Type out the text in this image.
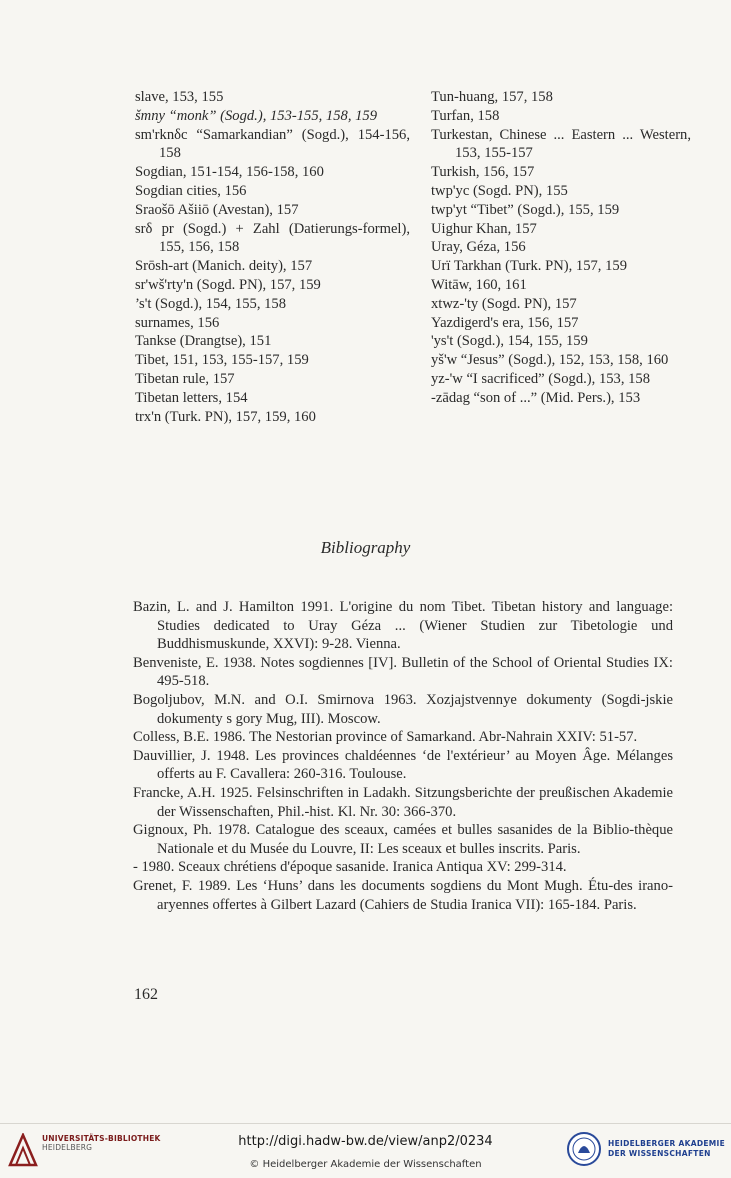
slave, 153, 155
šmny “monk” (Sogd.), 153-155, 158, 159
sm'rknδc “Samarkandian” (Sogd.), 154-156, 158
Sogdian, 151-154, 156-158, 160
Sogdian cities, 156
Sraošō Ašiiō (Avestan), 157
srδ pr (Sogd.) + Zahl (Datierungs-formel), 155, 156, 158
Srōsh-art (Manich. deity), 157
sr'wš'rty'n (Sogd. PN), 157, 159
’s't (Sogd.), 154, 155, 158
surnames, 156
Tankse (Drangtse), 151
Tibet, 151, 153, 155-157, 159
Tibetan rule, 157
Tibetan letters, 154
trx'n (Turk. PN), 157, 159, 160
Tun-huang, 157, 158
Turfan, 158
Turkestan, Chinese ... Eastern ... Western, 153, 155-157
Turkish, 156, 157
twp'yc (Sogd. PN), 155
twp'yt “Tibet” (Sogd.), 155, 159
Uighur Khan, 157
Uray, Géza, 156
Urï Tarkhan (Turk. PN), 157, 159
Witāw, 160, 161
xtwz-'ty (Sogd. PN), 157
Yazdigerd's era, 156, 157
'ys't (Sogd.), 154, 155, 159
yš'w “Jesus” (Sogd.), 152, 153, 158, 160
yz-'w “I sacrificed” (Sogd.), 153, 158
-zādag “son of ...” (Mid. Pers.), 153
Bibliography
Bazin, L. and J. Hamilton 1991. L'origine du nom Tibet. Tibetan history and language: Studies dedicated to Uray Géza ... (Wiener Studien zur Tibetologie und Buddhismuskunde, XXVI): 9-28. Vienna.
Benveniste, E. 1938. Notes sogdiennes [IV]. Bulletin of the School of Oriental Studies IX: 495-518.
Bogoljubov, M.N. and O.I. Smirnova 1963. Xozjajstvennye dokumenty (Sogdi-jskie dokumenty s gory Mug, III). Moscow.
Colless, B.E. 1986. The Nestorian province of Samarkand. Abr-Nahrain XXIV: 51-57.
Dauvillier, J. 1948. Les provinces chaldéennes ‘de l'extérieur’ au Moyen Âge. Mélanges offerts au F. Cavallera: 260-316. Toulouse.
Francke, A.H. 1925. Felsinschriften in Ladakh. Sitzungsberichte der preußischen Akademie der Wissenschaften, Phil.-hist. Kl. Nr. 30: 366-370.
Gignoux, Ph. 1978. Catalogue des sceaux, camées et bulles sasanides de la Biblio-thèque Nationale et du Musée du Louvre, II: Les sceaux et bulles inscrits. Paris.
- 1980. Sceaux chrétiens d'époque sasanide. Iranica Antiqua XV: 299-314.
Grenet, F. 1989. Les ‘Huns’ dans les documents sogdiens du Mont Mugh. Étu-des irano-aryennes offertes à Gilbert Lazard (Cahiers de Studia Iranica VII): 165-184. Paris.
162
UNIVERSITÄTS-BIBLIOTHEK
HEIDELBERG	http://digi.hadw-bw.de/view/anp2/0234
© Heidelberger Akademie der Wissenschaften
HEIDELBERGER AKADEMIE
DER WISSENSCHAFTEN
